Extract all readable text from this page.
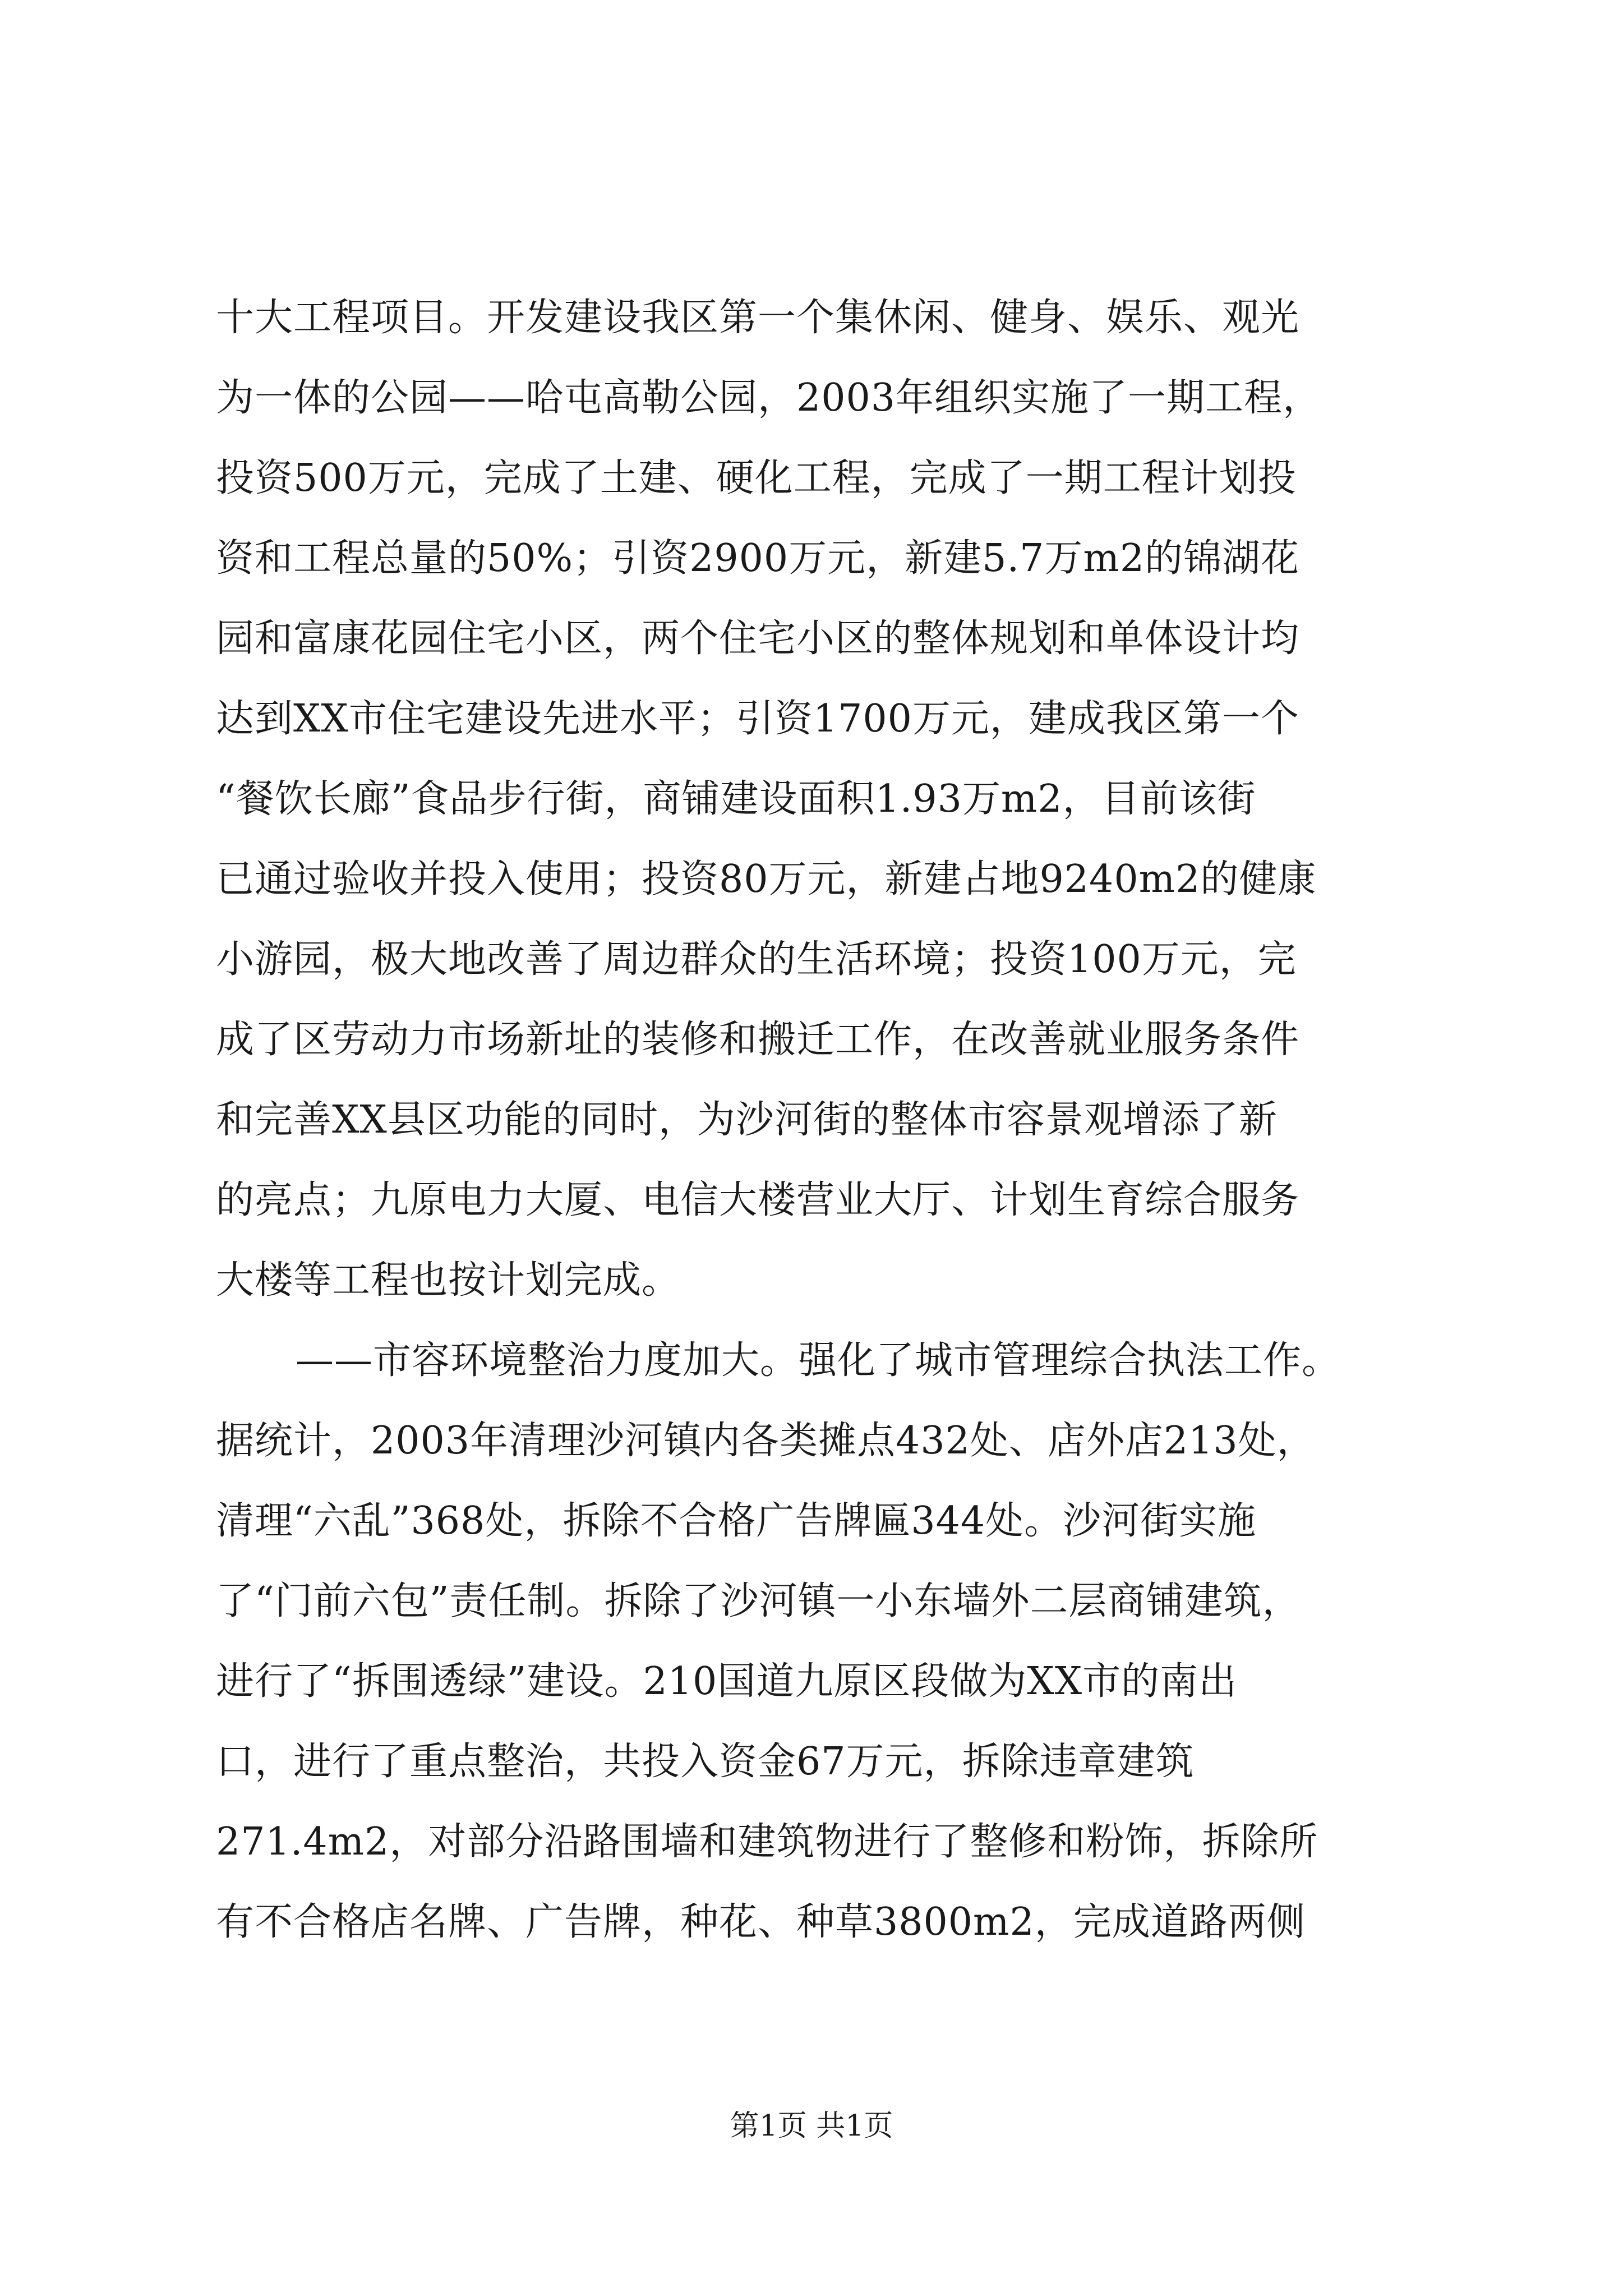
十大工程项目。开发建设我区第一个集休闲、健身、娱乐、观光
为一体的公园——哈屯高勒公园，2003年组织实施了一期工程，
投资500万元，完成了土建、硬化工程，完成了一期工程计划投
资和工程总量的50%；引资2900万元，新建5.7万m2的锦湖花
园和富康花园住宅小区，两个住宅小区的整体规划和单体设计均
达到XX市住宅建设先进水平；引资1700万元，建成我区第一个
“餐饮长廊”食品步行街，商铺建设面积1.93万m2，目前该街
已通过验收并投入使用；投资80万元，新建占地9240m2的健康
小游园，极大地改善了周边群众的生活环境；投资100万元，完
成了区劳动力市场新址的装修和搬迁工作，在改善就业服务条件
和完善XX县区功能的同时，为沙河街的整体市容景观增添了新
的亮点；九原电力大厦、电信大楼营业大厅、计划生育综合服务
大楼等工程也按计划完成。
——市容环境整治力度加大。强化了城市管理综合执法工作。
据统计，2003年清理沙河镇内各类摊点432处、店外店213处，
清理“六乱”368处，拆除不合格广告牌匾344处。沙河街实施
了“门前六包”责任制。拆除了沙河镇一小东墙外二层商铺建筑，
进行了“拆围透绿”建设。210国道九原区段做为XX市的南出
口，进行了重点整治，共投入资金67万元，拆除违章建筑
271.4m2，对部分沿路围墙和建筑物进行了整修和粉饰，拆除所
有不合格店名牌、广告牌，种花、种草3800m2，完成道路两侧
第1页 共1页
